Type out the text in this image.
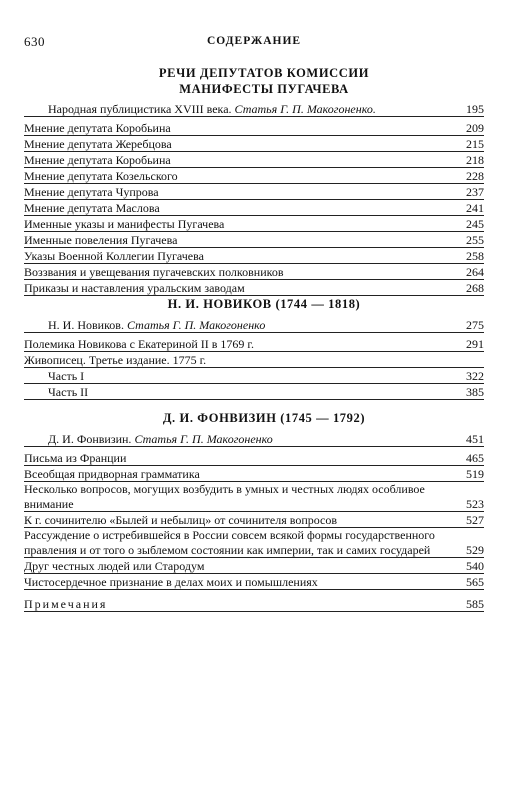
630	СОДЕРЖАНИЕ
РЕЧИ ДЕПУТАТОВ КОМИССИИ
МАНИФЕСТЫ ПУГАЧЕВА
Народная публицистика XVIII века. Статья Г. П. Макогоненко.	195
Мнение депутата Коробьина	209
Мнение депутата Жеребцова	215
Мнение депутата Коробьина	218
Мнение депутата Козельского	228
Мнение депутата Чупрова	237
Мнение депутата Маслова	241
Именные указы и манифесты Пугачева	245
Именные повеления Пугачева	255
Указы Военной Коллегии Пугачева	258
Воззвания и увещевания пугачевских полковников	264
Приказы и наставления уральским заводам	268
Н. И. НОВИКОВ (1744 — 1818)
Н. И. Новиков. Статья Г. П. Макогоненко	275
Полемика Новикова с Екатериной II в 1769 г.	291
Живописец. Третье издание. 1775 г.
Часть I	322
Часть II	385
Д. И. ФОНВИЗИН (1745 — 1792)
Д. И. Фонвизин. Статья Г. П. Макогоненко	451
Письма из Франции	465
Всеобщая придворная грамматика	519
Несколько вопросов, могущих возбудить в умных и честных людях особливое внимание	523
К г. сочинителю «Былей и небылиц» от сочинителя вопросов	527
Рассуждение о истребившейся в России совсем всякой формы государственного правления и от того о зыблемом состоянии как империи, так и самих государей	529
Друг честных людей или Стародум	540
Чистосердечное признание в делах моих и помышлениях	565
Примечания	585
